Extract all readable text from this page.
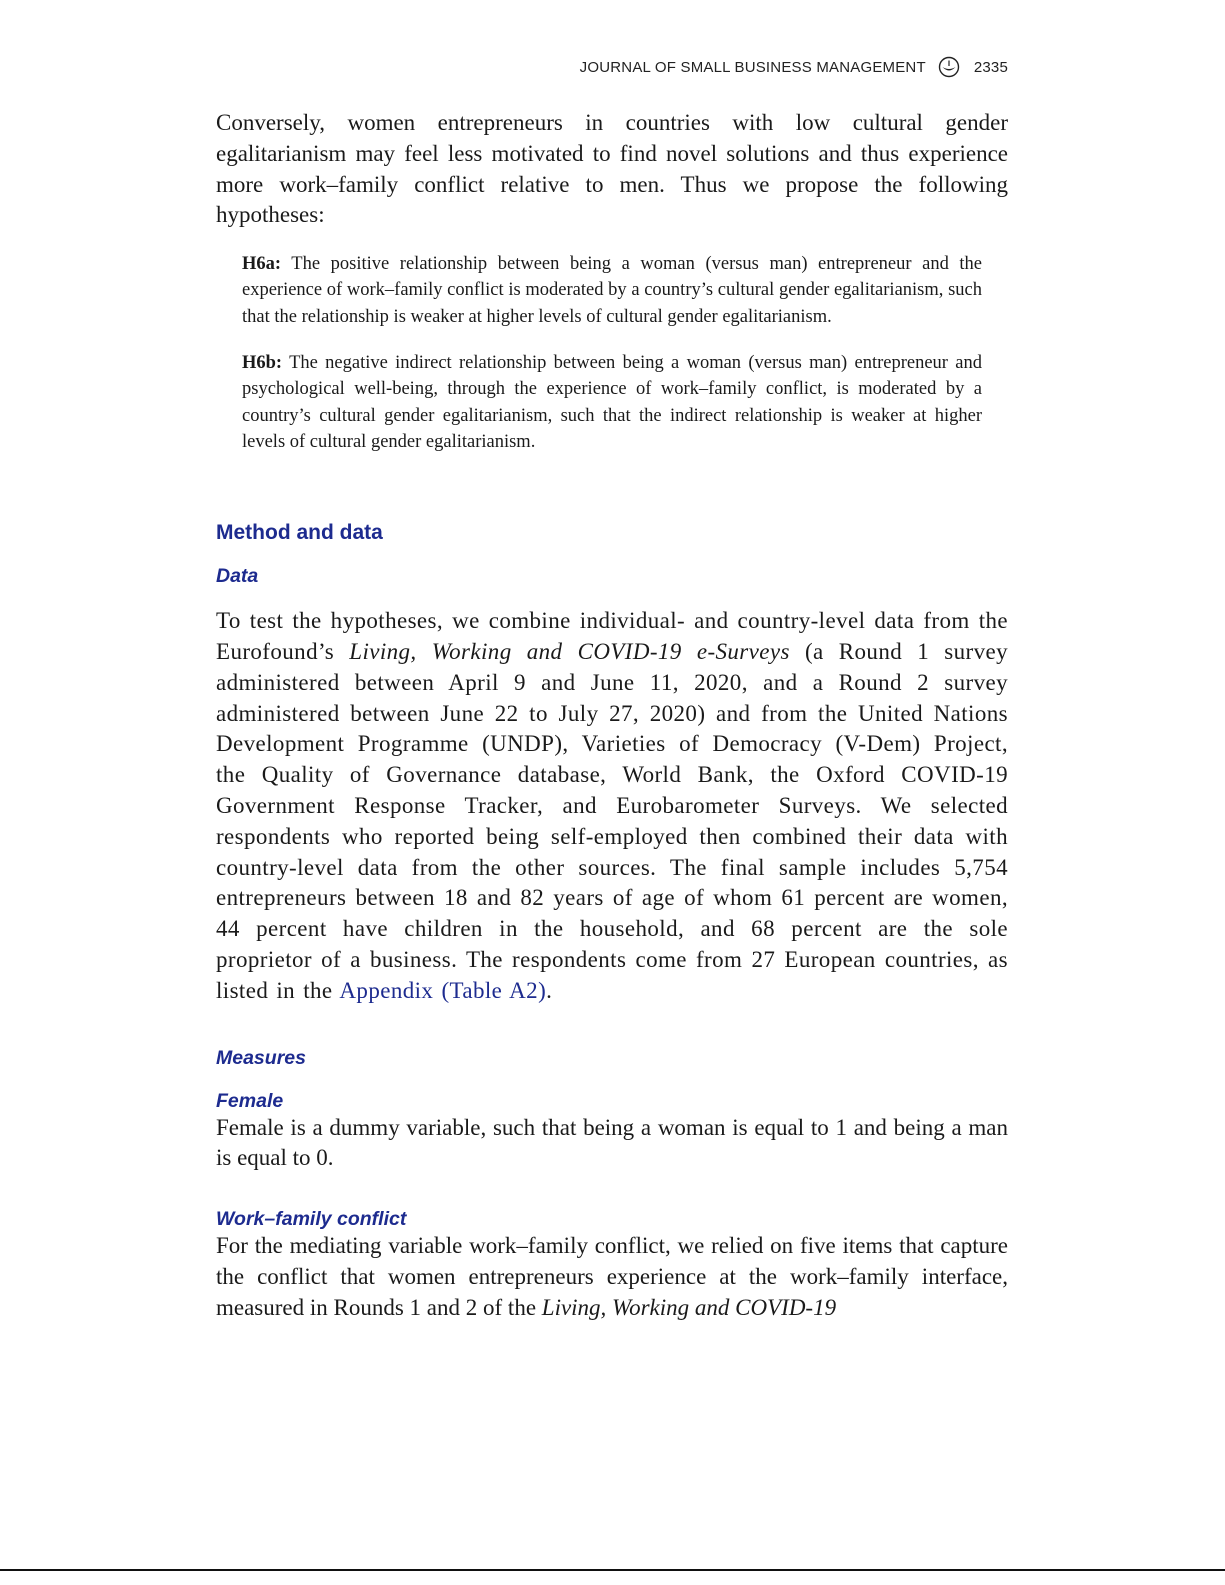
JOURNAL OF SMALL BUSINESS MANAGEMENT	2335

Conversely, women entrepreneurs in countries with low cultural gender egalitarianism may feel less motivated to find novel solutions and thus experience more work–family conflict relative to men. Thus we propose the following hypotheses:

H6a: The positive relationship between being a woman (versus man) entrepreneur and the experience of work–family conflict is moderated by a country’s cultural gender egalitarianism, such that the relationship is weaker at higher levels of cultural gender egalitarianism.

H6b: The negative indirect relationship between being a woman (versus man) entrepreneur and psychological well-being, through the experience of work–family conflict, is moderated by a country’s cultural gender egalitarianism, such that the indirect relationship is weaker at higher levels of cultural gender egalitarianism.

Method and data
Data

To test the hypotheses, we combine individual- and country-level data from the Eurofound’s Living, Working and COVID-19 e-Surveys (a Round 1 survey administered between April 9 and June 11, 2020, and a Round 2 survey administered between June 22 to July 27, 2020) and from the United Nations Development Programme (UNDP), Varieties of Democracy (V-Dem) Project, the Quality of Governance database, World Bank, the Oxford COVID-19 Government Response Tracker, and Eurobarometer Surveys. We selected respondents who reported being self-employed then combined their data with country-level data from the other sources. The final sample includes 5,754 entrepreneurs between 18 and 82 years of age of whom 61 percent are women, 44 percent have children in the household, and 68 percent are the sole proprietor of a business. The respondents come from 27 European countries, as listed in the Appendix (Table A2).

Measures
Female

Female is a dummy variable, such that being a woman is equal to 1 and being a man is equal to 0.

Work–family conflict

For the mediating variable work–family conflict, we relied on five items that capture the conflict that women entrepreneurs experience at the work–family interface, measured in Rounds 1 and 2 of the Living, Working and COVID-19
